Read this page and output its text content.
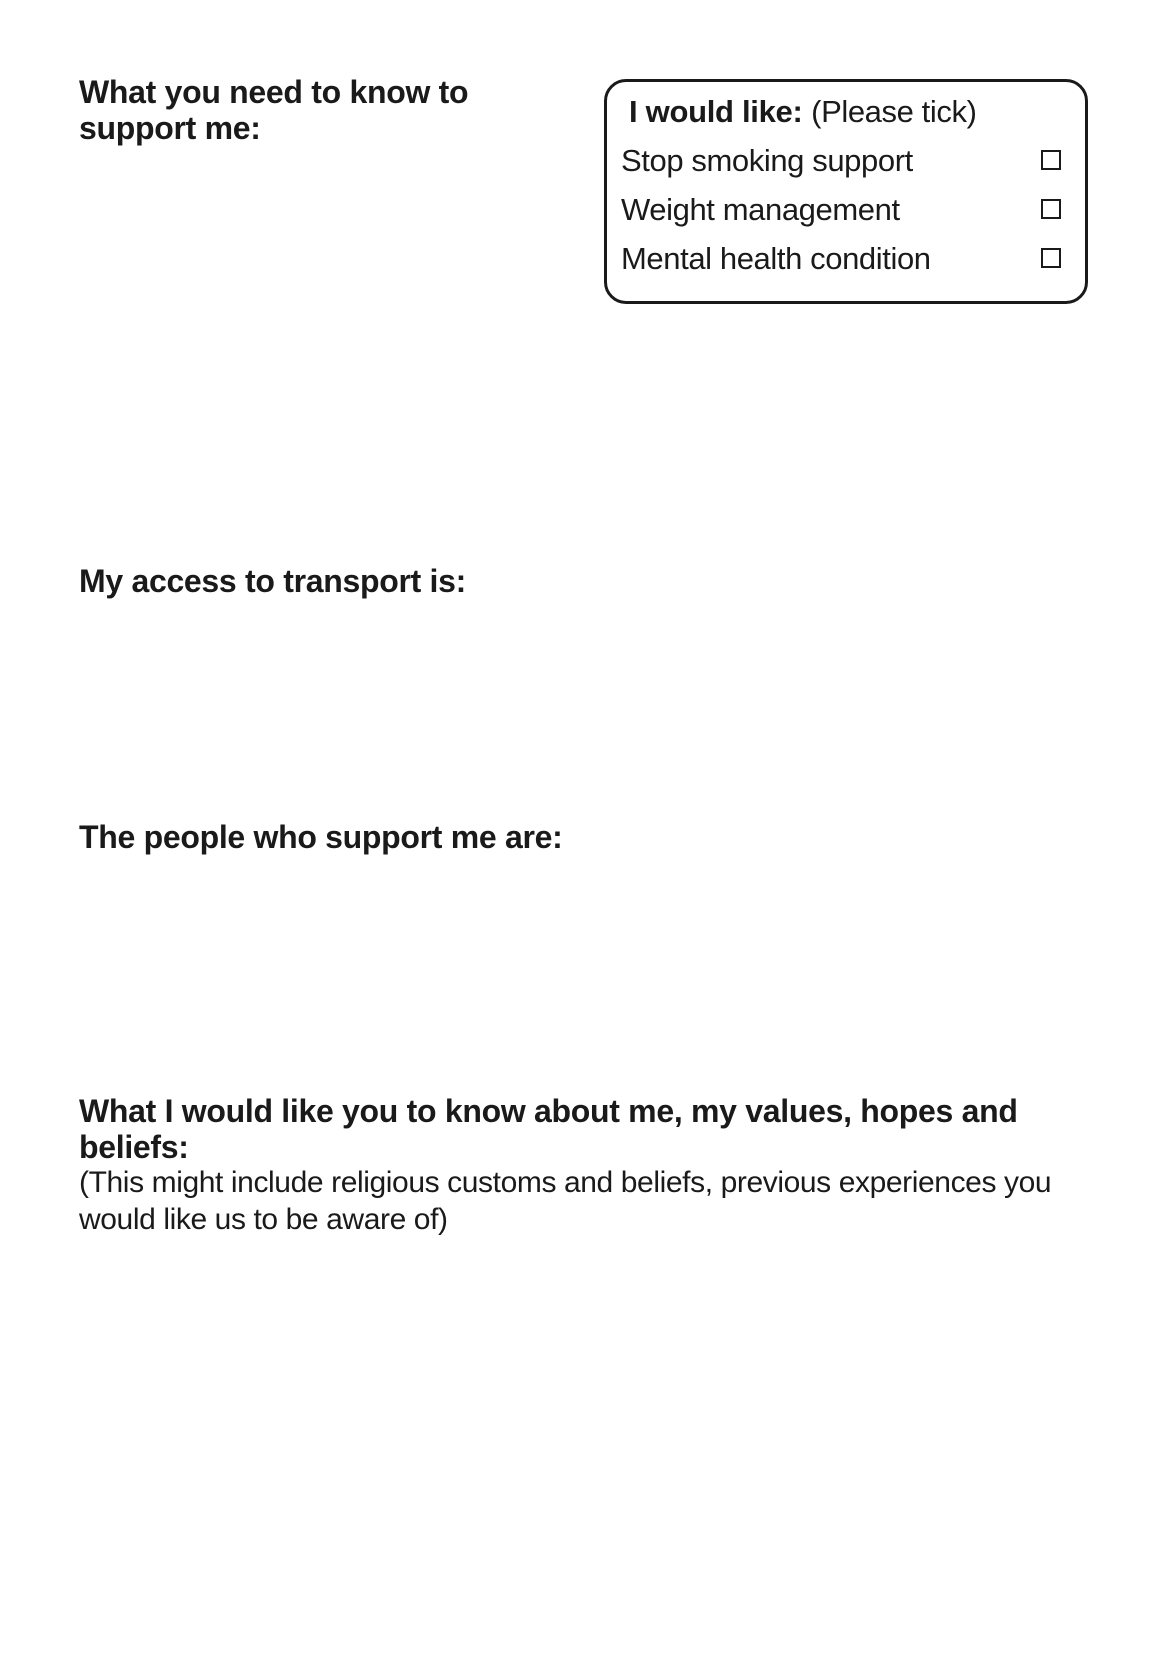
What you need to know to support me:	I would like: (Please tick)
Stop smoking support
Weight management
Mental health condition
My access to transport is:
The people who support me are:
What I would like you to know about me, my values, hopes and beliefs:

(This might include religious customs and beliefs, previous experiences you would like us to be aware of)
